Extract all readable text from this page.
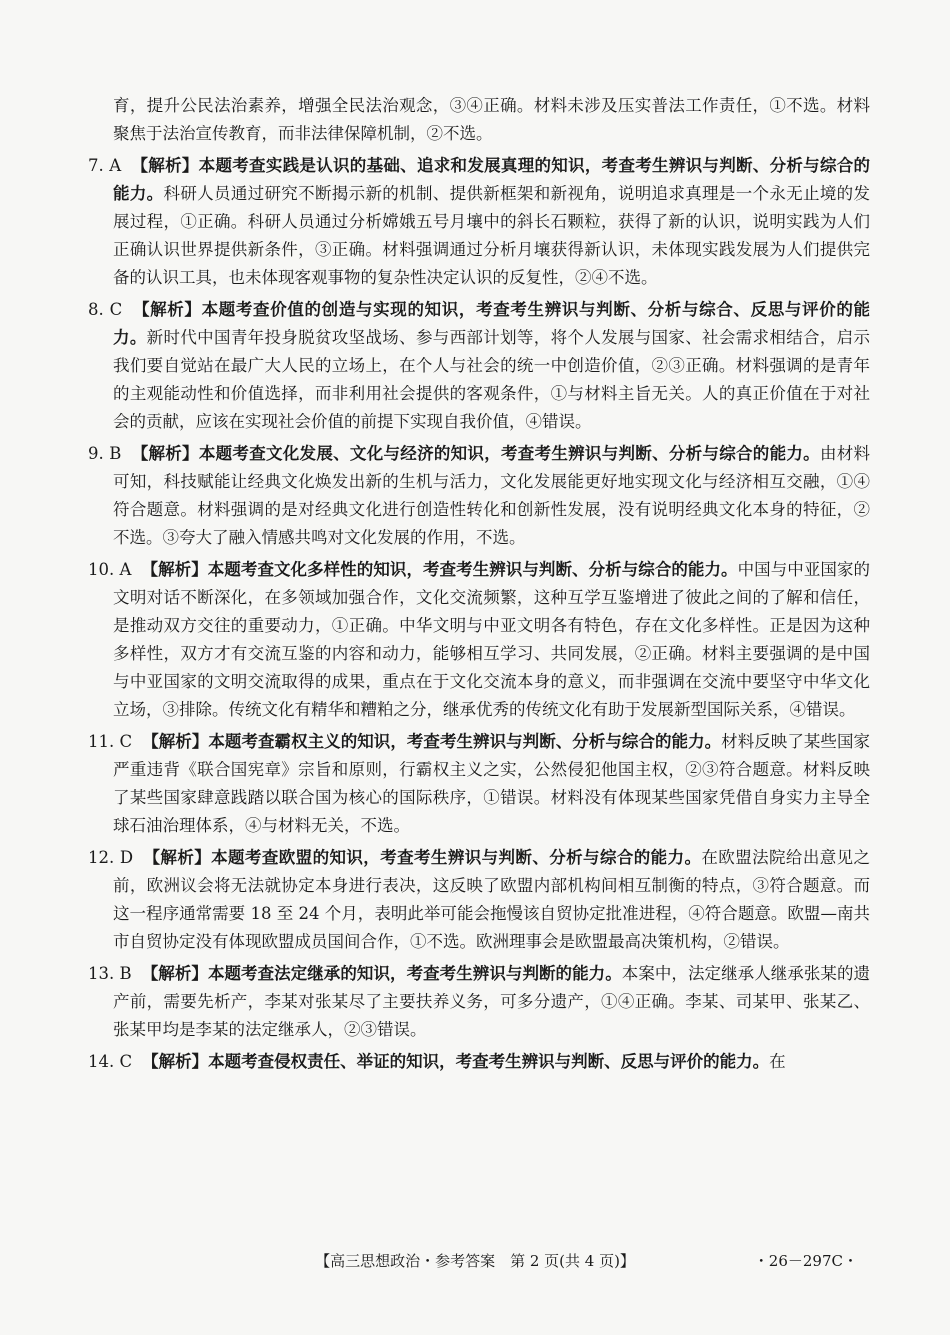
育，提升公民法治素养，增强全民法治观念，③④正确。材料未涉及压实普法工作责任，①不选。材料聚焦于法治宣传教育，而非法律保障机制，②不选。

7. A 【解析】本题考查实践是认识的基础、追求和发展真理的知识，考查考生辨识与判断、分析与综合的能力。科研人员通过研究不断揭示新的机制、提供新框架和新视角，说明追求真理是一个永无止境的发展过程，①正确。科研人员通过分析嫦娥五号月壤中的斜长石颗粒，获得了新的认识，说明实践为人们正确认识世界提供新条件，③正确。材料强调通过分析月壤获得新认识，未体现实践发展为人们提供完备的认识工具，也未体现客观事物的复杂性决定认识的反复性，②④不选。

8. C 【解析】本题考查价值的创造与实现的知识，考查考生辨识与判断、分析与综合、反思与评价的能力。新时代中国青年投身脱贫攻坚战场、参与西部计划等，将个人发展与国家、社会需求相结合，启示我们要自觉站在最广大人民的立场上，在个人与社会的统一中创造价值，②③正确。材料强调的是青年的主观能动性和价值选择，而非利用社会提供的客观条件，①与材料主旨无关。人的真正价值在于对社会的贡献，应该在实现社会价值的前提下实现自我价值，④错误。

9. B 【解析】本题考查文化发展、文化与经济的知识，考查考生辨识与判断、分析与综合的能力。由材料可知，科技赋能让经典文化焕发出新的生机与活力，文化发展能更好地实现文化与经济相互交融，①④符合题意。材料强调的是对经典文化进行创造性转化和创新性发展，没有说明经典文化本身的特征，②不选。③夸大了融入情感共鸣对文化发展的作用，不选。

10. A 【解析】本题考查文化多样性的知识，考查考生辨识与判断、分析与综合的能力。中国与中亚国家的文明对话不断深化，在多领域加强合作，文化交流频繁，这种互学互鉴增进了彼此之间的了解和信任，是推动双方交往的重要动力，①正确。中华文明与中亚文明各有特色，存在文化多样性。正是因为这种多样性，双方才有交流互鉴的内容和动力，能够相互学习、共同发展，②正确。材料主要强调的是中国与中亚国家的文明交流取得的成果，重点在于文化交流本身的意义，而非强调在交流中要坚守中华文化立场，③排除。传统文化有精华和糟粕之分，继承优秀的传统文化有助于发展新型国际关系，④错误。

11. C 【解析】本题考查霸权主义的知识，考查考生辨识与判断、分析与综合的能力。材料反映了某些国家严重违背《联合国宪章》宗旨和原则，行霸权主义之实，公然侵犯他国主权，②③符合题意。材料反映了某些国家肆意践踏以联合国为核心的国际秩序，①错误。材料没有体现某些国家凭借自身实力主导全球石油治理体系，④与材料无关，不选。

12. D 【解析】本题考查欧盟的知识，考查考生辨识与判断、分析与综合的能力。在欧盟法院给出意见之前，欧洲议会将无法就协定本身进行表决，这反映了欧盟内部机构间相互制衡的特点，③符合题意。而这一程序通常需要 18 至 24 个月，表明此举可能会拖慢该自贸协定批准进程，④符合题意。欧盟—南共市自贸协定没有体现欧盟成员国间合作，①不选。欧洲理事会是欧盟最高决策机构，②错误。

13. B 【解析】本题考查法定继承的知识，考查考生辨识与判断的能力。本案中，法定继承人继承张某的遗产前，需要先析产，李某对张某尽了主要扶养义务，可多分遗产，①④正确。李某、司某甲、张某乙、张某甲均是李某的法定继承人，②③错误。

14. C 【解析】本题考查侵权责任、举证的知识，考查考生辨识与判断、反思与评价的能力。在

【高三思想政治・参考答案　第 2 页(共 4 页)】	・26－297C・
